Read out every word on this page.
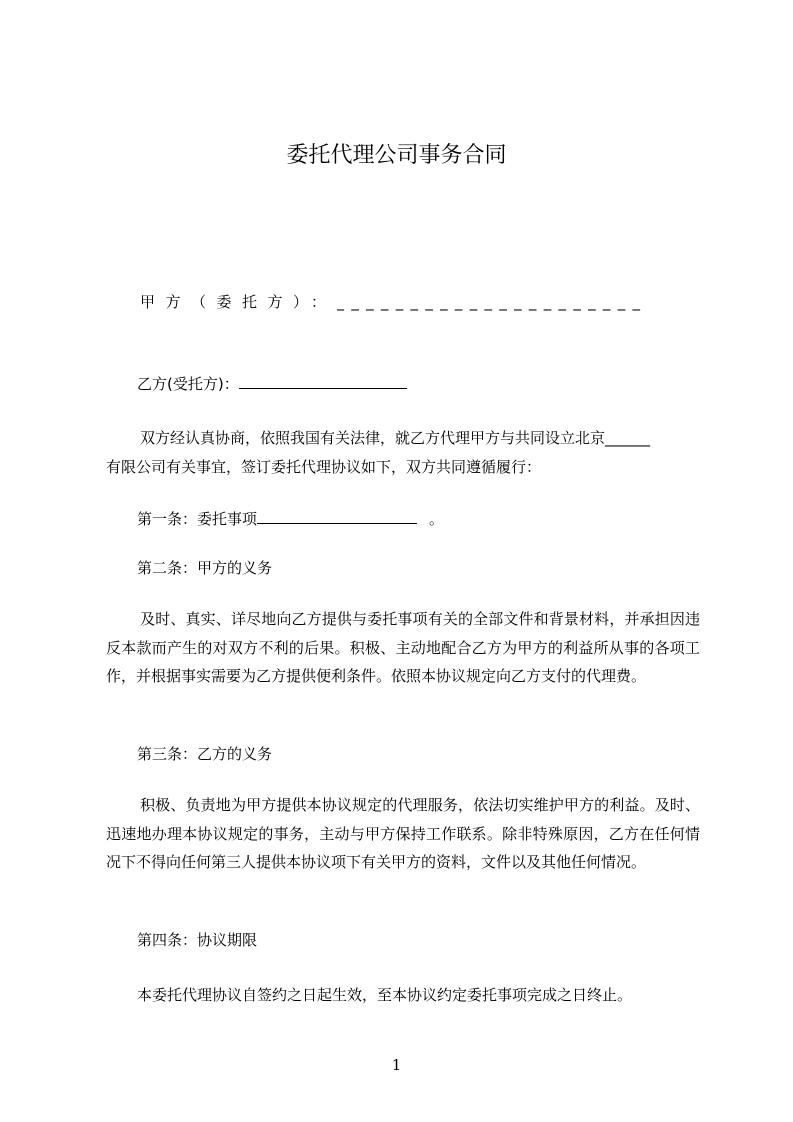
委托代理公司事务合同
甲方（委托方）： _____________________
乙方(受托方)：

双方经认真协商，依照我国有关法律，就乙方代理甲方与共同设立北京______
有限公司有关事宜，签订委托代理协议如下，双方共同遵循履行：

第一条：委托事项	。

第二条：甲方的义务

及时、真实、详尽地向乙方提供与委托事项有关的全部文件和背景材料，并承担因违反本款而产生的对双方不利的后果。积极、主动地配合乙方为甲方的利益所从事的各项工作，并根据事实需要为乙方提供便利条件。依照本协议规定向乙方支付的代理费。

第三条：乙方的义务

积极、负责地为甲方提供本协议规定的代理服务，依法切实维护甲方的利益。及时、迅速地办理本协议规定的事务，主动与甲方保持工作联系。除非特殊原因，乙方在任何情况下不得向任何第三人提供本协议项下有关甲方的资料，文件以及其他任何情况。

第四条：协议期限

本委托代理协议自签约之日起生效，至本协议约定委托事项完成之日终止。

1
